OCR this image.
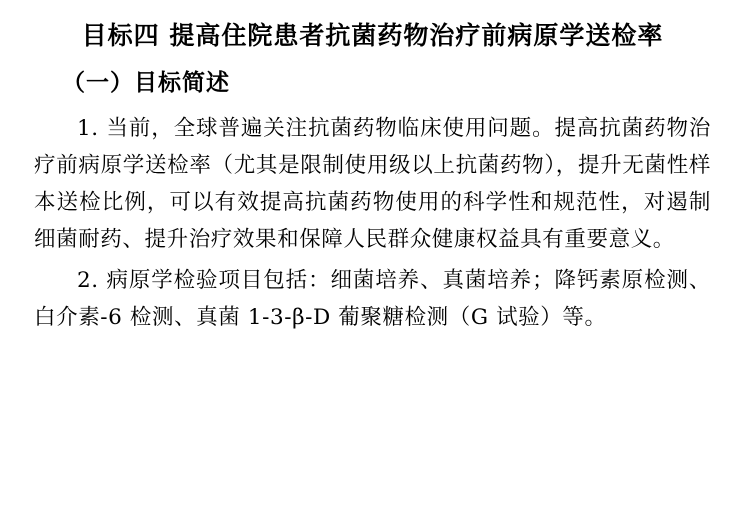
目标四 提高住院患者抗菌药物治疗前病原学送检率
（一）目标简述

1. 当前，全球普遍关注抗菌药物临床使用问题。提高抗菌药物治疗前病原学送检率（尤其是限制使用级以上抗菌药物），提升无菌性样本送检比例，可以有效提高抗菌药物使用的科学性和规范性，对遏制细菌耐药、提升治疗效果和保障人民群众健康权益具有重要意义。

2. 病原学检验项目包括：细菌培养、真菌培养；降钙素原检测、白介素-6 检测、真菌 1-3-β-D 葡聚糖检测（G 试验）等。
